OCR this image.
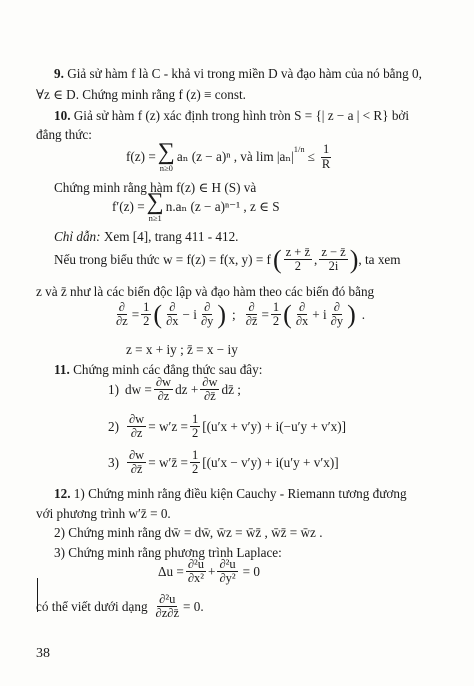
9. Giả sử hàm f là C - khả vi trong miền D và đạo hàm của nó bằng 0,
∀z ∈ D. Chứng minh rằng f (z) ≡ const.
10. Giả sử hàm f (z) xác định trong hình tròn S = {| z − a | < R} bởi
đẳng thức:
f(z) = ∑
n≥0
aₙ (z − a)ⁿ , và lim |aₙ|
$^{1/n}$
≤ $\frac{1}{R}$
Chứng minh rằng hàm f(z) ∈ H (S) và
f′(z) = ∑
n≥1
n.aₙ (z − a)ⁿ⁻¹ , z ∈ S
Chỉ dẫn: Xem [4], trang 411 - 412.
Nếu trong biểu thức w = f(z) = f(x, y) = f ( $\frac{z + z̄}{2}$ , $\frac{z - z̄}{2i}$ ) , ta xem
z và z̄ như là các biến độc lập và đạo hàm theo các biến đó bằng
$\frac{\partial}{\partial z} = \frac{1}{2}$ ( $\frac{\partial}{\partial x} - i \frac{\partial}{\partial y}$ ) ; $\frac{\partial}{\partial z̄} = \frac{1}{2}$ ( $\frac{\partial}{\partial x} + i \frac{\partial}{\partial y}$ ) .
z = x + iy ; z̄ = x − iy
11. Chứng minh các đẳng thức sau đây:
1) dw = $\frac{\partial w}{\partial z}$ dz + $\frac{\partial w}{\partial z̄}$ dz̄ ;
$2) \frac{\partial w}{\partial z} = w'z = \frac{1}{2} [(u'x + v'y) + i(-u'y + v'x)]$
$3) \frac{\partial w}{\partial z̄}$ = w′z̄ = $\frac{1}{2} [(u'x - v'y) + i(u'y + v'x)]$
12. 1) Chứng minh rằng điều kiện Cauchy - Riemann tương đương
với phương trình w′z̄ = 0.
2) Chứng minh rằng dw̄ = dw̄, w̄z = w̄z̄ , w̄z̄ = w̄z .
3) Chứng minh rằng phương trình Laplace:
$\Delta u = \frac{\text{∂²u}}{\text{∂x²}} + \frac{\text{∂²u}}{\text{∂y²}} = 0$
có thể viết dưới dạng $\frac{\text{∂²u}}{\partial z\partial z̄} = 0$.
38
